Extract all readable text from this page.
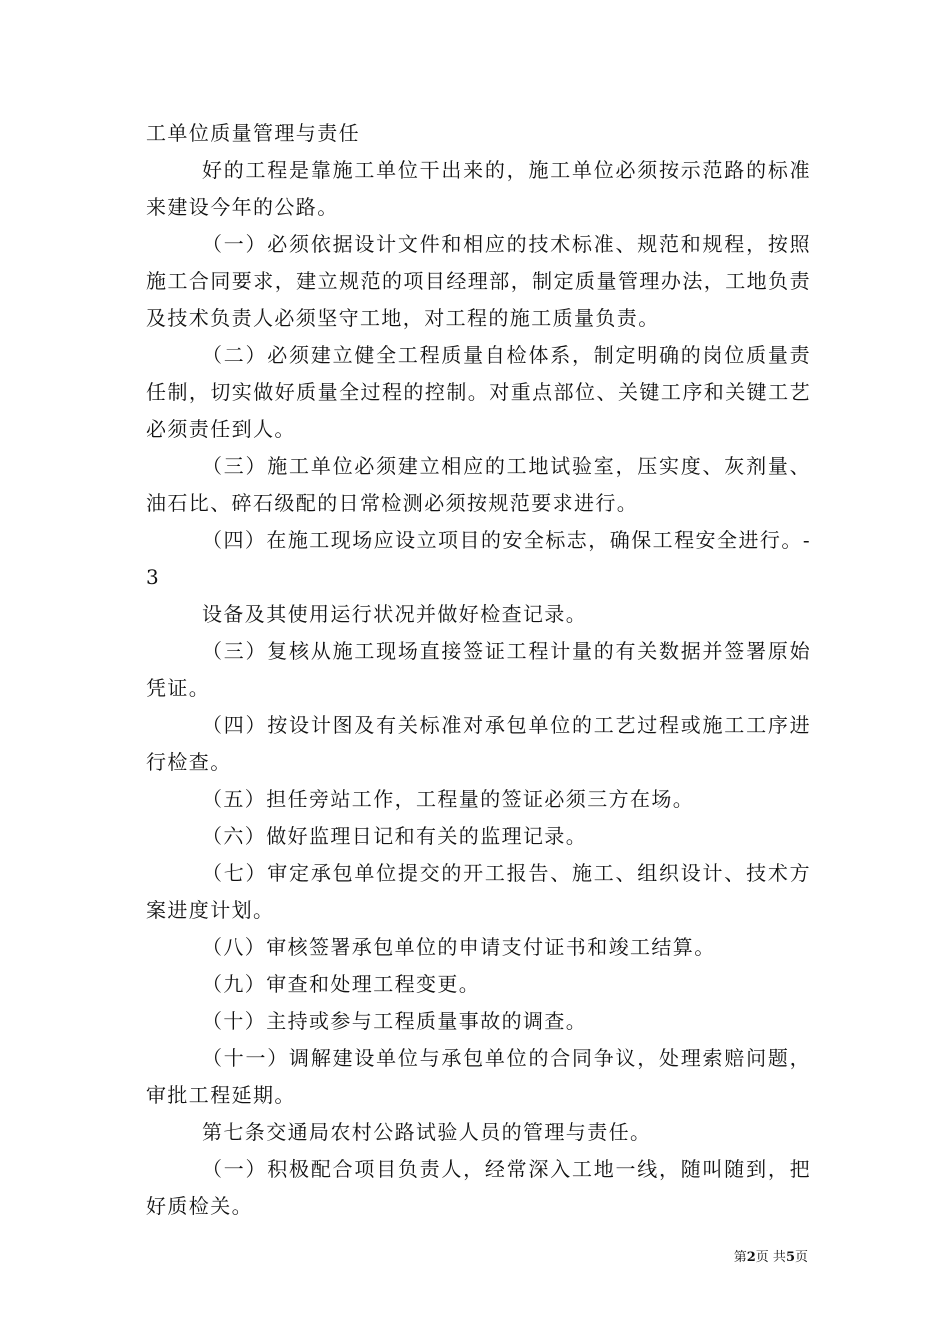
工单位质量管理与责任

好的工程是靠施工单位干出来的，施工单位必须按示范路的标准来建设今年的公路。

（一）必须依据设计文件和相应的技术标准、规范和规程，按照施工合同要求，建立规范的项目经理部，制定质量管理办法，工地负责及技术负责人必须坚守工地，对工程的施工质量负责。

（二）必须建立健全工程质量自检体系，制定明确的岗位质量责任制，切实做好质量全过程的控制。对重点部位、关键工序和关键工艺必须责任到人。

（三）施工单位必须建立相应的工地试验室，压实度、灰剂量、油石比、碎石级配的日常检测必须按规范要求进行。

（四）在施工现场应设立项目的安全标志，确保工程安全进行。-3

设备及其使用运行状况并做好检查记录。

（三）复核从施工现场直接签证工程计量的有关数据并签署原始凭证。

（四）按设计图及有关标准对承包单位的工艺过程或施工工序进行检查。

（五）担任旁站工作，工程量的签证必须三方在场。

（六）做好监理日记和有关的监理记录。

（七）审定承包单位提交的开工报告、施工、组织设计、技术方案进度计划。

（八）审核签署承包单位的申请支付证书和竣工结算。

（九）审查和处理工程变更。

（十）主持或参与工程质量事故的调查。

（十一）调解建设单位与承包单位的合同争议，处理索赔问题，审批工程延期。

第七条交通局农村公路试验人员的管理与责任。

（一）积极配合项目负责人，经常深入工地一线，随叫随到，把好质检关。

第2页 共5页
